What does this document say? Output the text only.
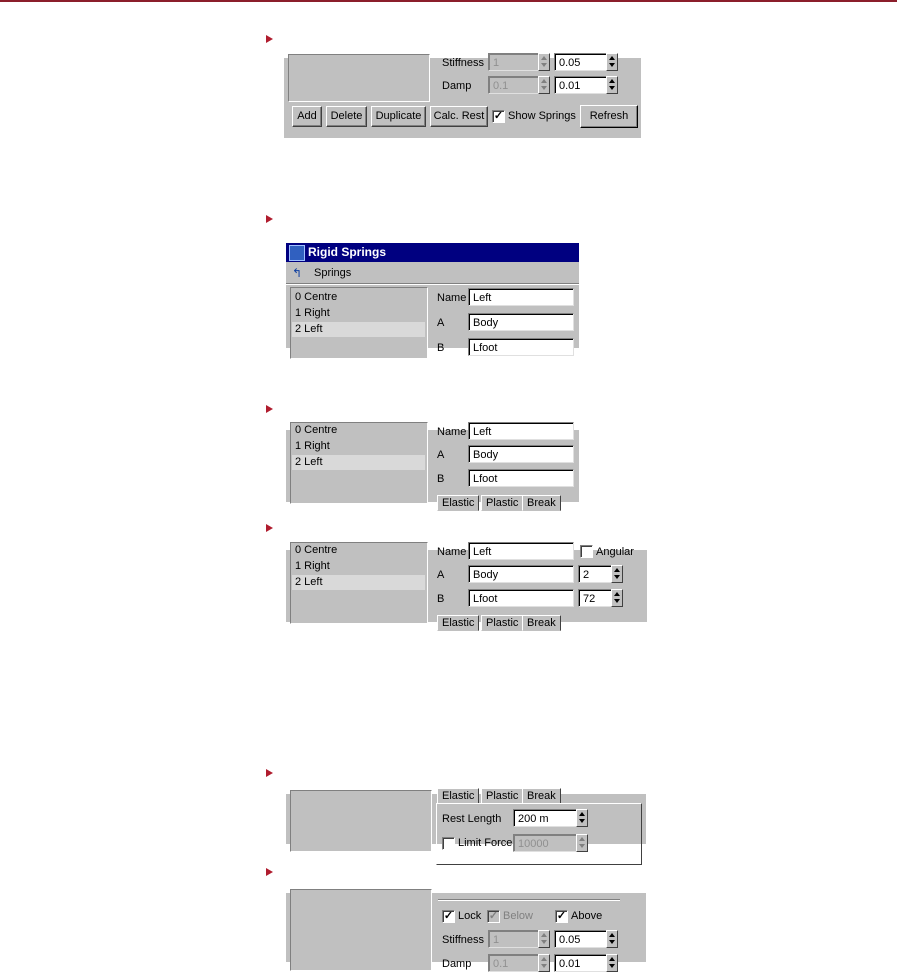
Stiffness 1	0.05
Damp	0.1	0.01
Add	Delete	Duplicate	Calc. Rest ✓ Show Springs	Refresh
Rigid Springs
↰	Springs
0 Centre
1 Right
2 Left
Name Left
A	Body
B	Lfoot
0 Centre
1 Right
2 Left
Name Left
A	Body
B	Lfoot
Elastic	Plastic Break
0 Centre
1 Right
2 Left
Name Left	Angular
A	Body	2
B	Lfoot	72
Elastic	Plastic Break
Elastic	Plastic Break
Rest Length	200 m
Limit Force 10000
✓ Lock ✓ Below ✓ Above
Stiffness 1	0.05
Damp	0.1	0.01
